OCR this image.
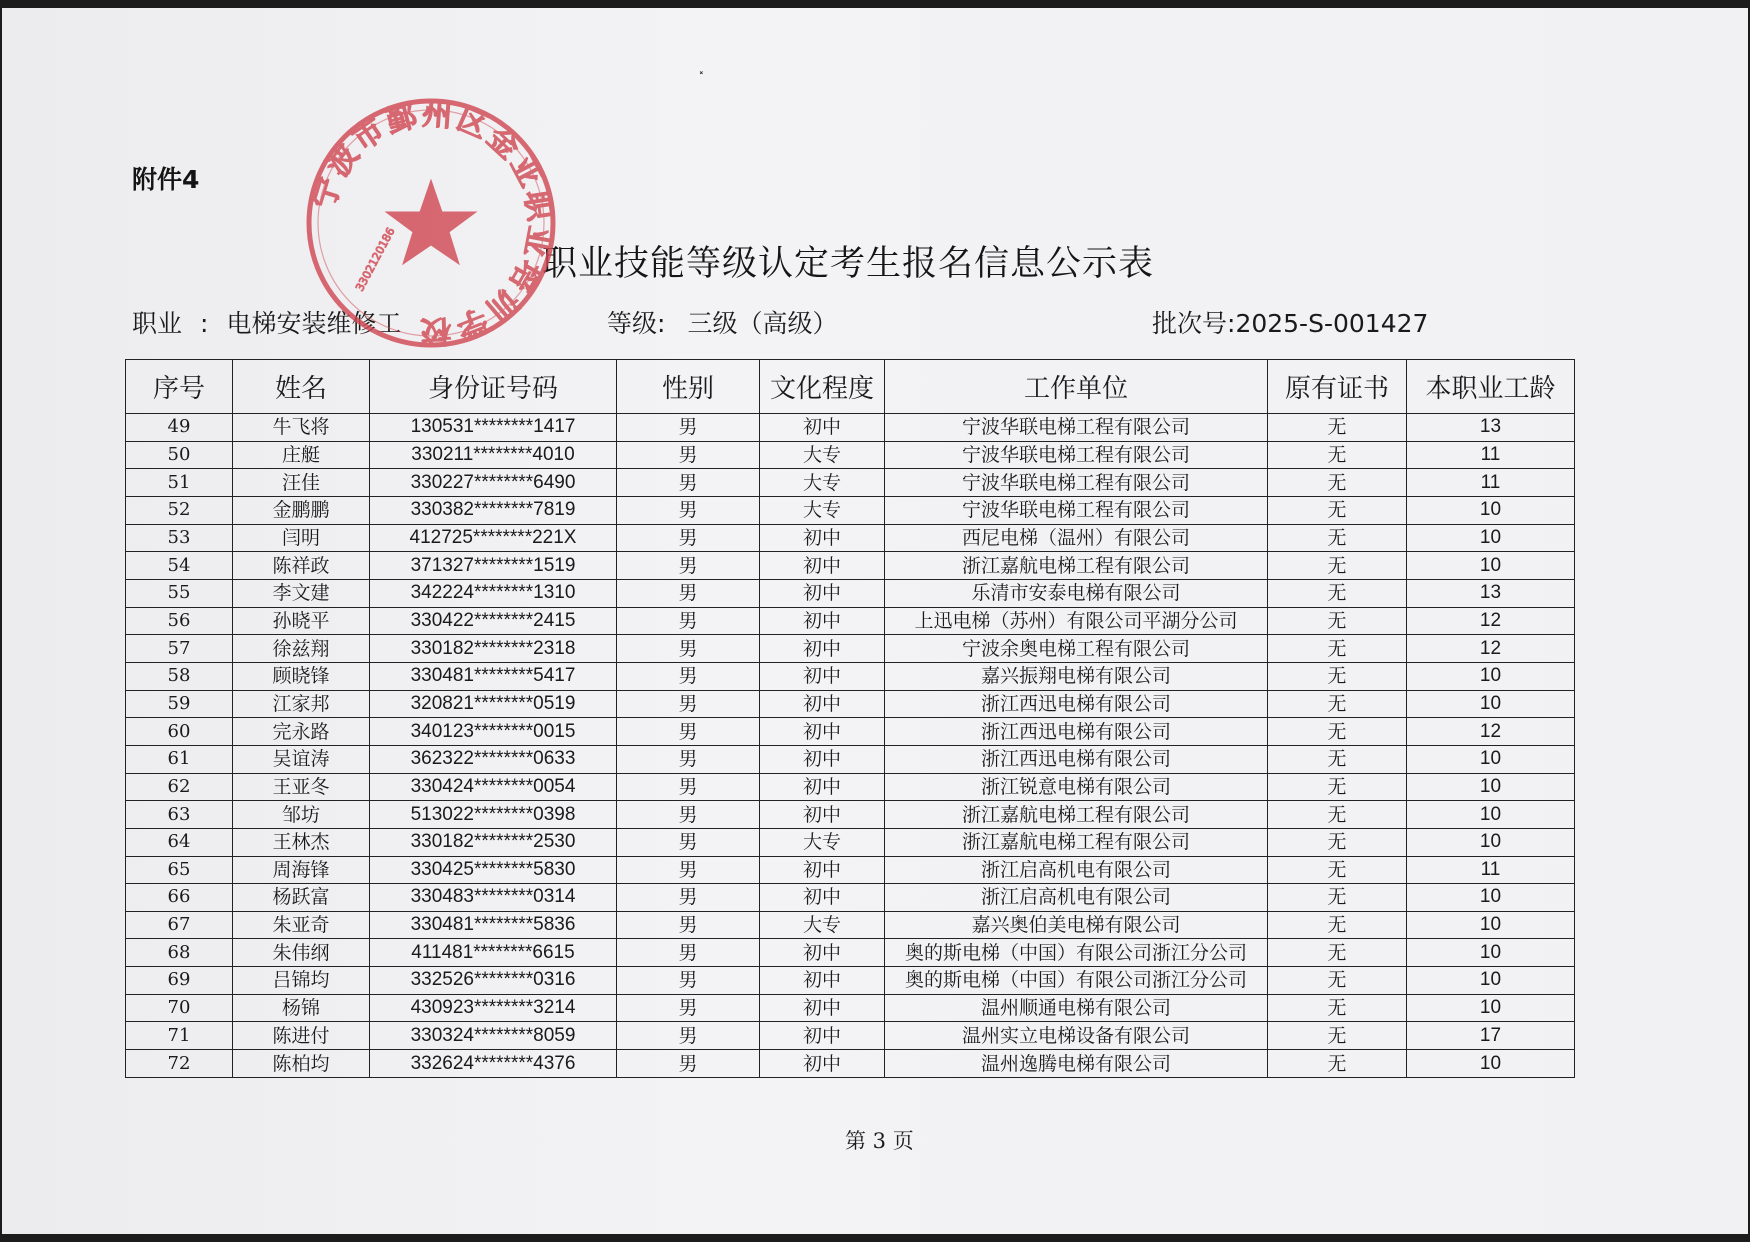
⸼
附件4
职业技能等级认定考生报名信息公示表
职业 : 电梯安装维修工	等级: 三级（高级）	批次号:2025-S-001427
序号	姓名	身份证号码	性别	文化程度	工作单位	原有证书	本职业工龄
49	牛飞将	130531********1417	男	初中	宁波华联电梯工程有限公司	无	13
50	庄艇	330211********4010	男	大专	宁波华联电梯工程有限公司	无	11
51	汪佳	330227********6490	男	大专	宁波华联电梯工程有限公司	无	11
52	金鹏鹏	330382********7819	男	大专	宁波华联电梯工程有限公司	无	10
53	闫明	412725********221X	男	初中	西尼电梯（温州）有限公司	无	10
54	陈祥政	371327********1519	男	初中	浙江嘉航电梯工程有限公司	无	10
55	李文建	342224********1310	男	初中	乐清市安泰电梯有限公司	无	13
56	孙晓平	330422********2415	男	初中	上迅电梯（苏州）有限公司平湖分公司	无	12
57	徐兹翔	330182********2318	男	初中	宁波余奥电梯工程有限公司	无	12
58	顾晓锋	330481********5417	男	初中	嘉兴振翔电梯有限公司	无	10
59	江家邦	320821********0519	男	初中	浙江西迅电梯有限公司	无	10
60	完永路	340123********0015	男	初中	浙江西迅电梯有限公司	无	12
61	吴谊涛	362322********0633	男	初中	浙江西迅电梯有限公司	无	10
62	王亚冬	330424********0054	男	初中	浙江锐意电梯有限公司	无	10
63	邹坊	513022********0398	男	初中	浙江嘉航电梯工程有限公司	无	10
64	王林杰	330182********2530	男	大专	浙江嘉航电梯工程有限公司	无	10
65	周海锋	330425********5830	男	初中	浙江启高机电有限公司	无	11
66	杨跃富	330483********0314	男	初中	浙江启高机电有限公司	无	10
67	朱亚奇	330481********5836	男	大专	嘉兴奥伯美电梯有限公司	无	10
68	朱伟纲	411481********6615	男	初中	奥的斯电梯（中国）有限公司浙江分公司	无	10
69	吕锦均	332526********0316	男	初中	奥的斯电梯（中国）有限公司浙江分公司	无	10
70	杨锦	430923********3214	男	初中	温州顺通电梯有限公司	无	10
71	陈进付	330324********8059	男	初中	温州实立电梯设备有限公司	无	17
72	陈柏均	332624********4376	男	初中	温州逸腾电梯有限公司	无	10
第 3 页
宁波市鄞州区金亚职业培训学校
3302120186
